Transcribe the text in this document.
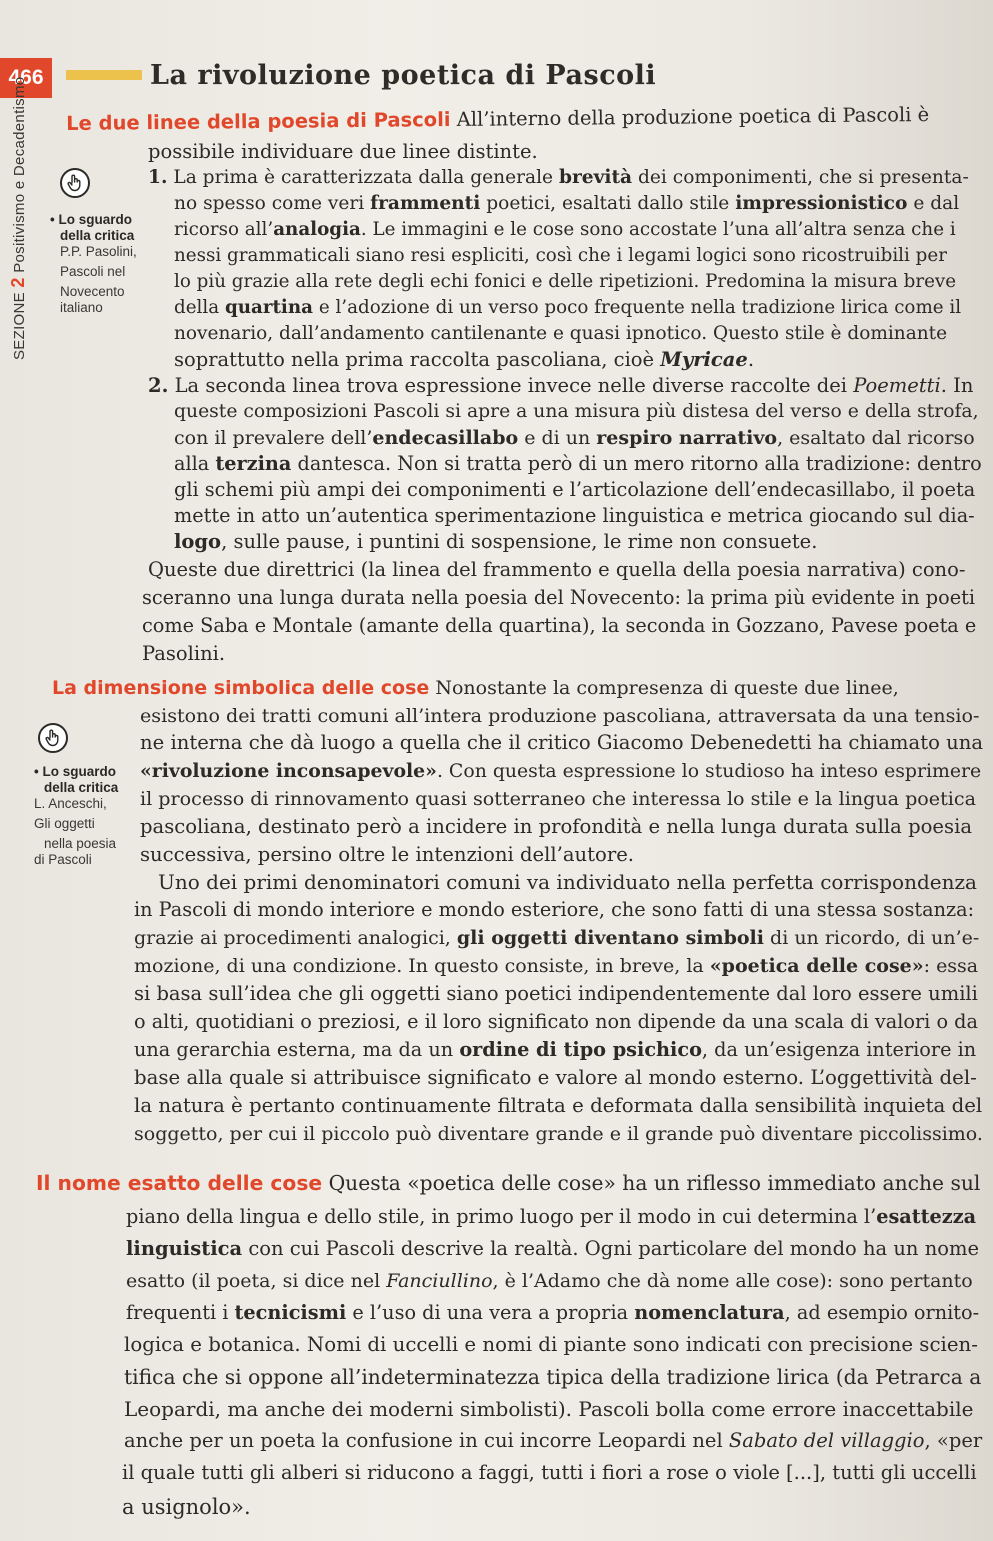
466	La rivoluzione poetica di Pascoli
SEZIONE 2 Positivismo e Decadentismo • Lo sguardo
della critica
P.P. Pasolini,
Pascoli nel
Novecento
italiano
• Lo sguardo
della critica
L. Anceschi,
Gli oggetti
nella poesia
di Pascoli
Le due linee della poesia di Pascoli All’interno della produzione poetica di Pascoli è
possibile individuare due linee distinte.
1. La prima è caratterizzata dalla generale brevità dei componimenti, che si presenta-
no spesso come veri frammenti poetici, esaltati dallo stile impressionistico e dal
ricorso all’analogia. Le immagini e le cose sono accostate l’una all’altra senza che i
nessi grammaticali siano resi espliciti, così che i legami logici sono ricostruibili per
lo più grazie alla rete degli echi fonici e delle ripetizioni. Predomina la misura breve
della quartina e l’adozione di un verso poco frequente nella tradizione lirica come il
novenario, dall’andamento cantilenante e quasi ipnotico. Questo stile è dominante
soprattutto nella prima raccolta pascoliana, cioè Myricae.
2. La seconda linea trova espressione invece nelle diverse raccolte dei Poemetti. In
queste composizioni Pascoli si apre a una misura più distesa del verso e della strofa,
con il prevalere dell’endecasillabo e di un respiro narrativo, esaltato dal ricorso
alla terzina dantesca. Non si tratta però di un mero ritorno alla tradizione: dentro
gli schemi più ampi dei componimenti e l’articolazione dell’endecasillabo, il poeta
mette in atto un’autentica sperimentazione linguistica e metrica giocando sul dia-
logo, sulle pause, i puntini di sospensione, le rime non consuete.
Queste due direttrici (la linea del frammento e quella della poesia narrativa) cono-
sceranno una lunga durata nella poesia del Novecento: la prima più evidente in poeti
come Saba e Montale (amante della quartina), la seconda in Gozzano, Pavese poeta e
Pasolini.
La dimensione simbolica delle cose Nonostante la compresenza di queste due linee,
esistono dei tratti comuni all’intera produzione pascoliana, attraversata da una tensio-
ne interna che dà luogo a quella che il critico Giacomo Debenedetti ha chiamato una
«rivoluzione inconsapevole». Con questa espressione lo studioso ha inteso esprimere
il processo di rinnovamento quasi sotterraneo che interessa lo stile e la lingua poetica
pascoliana, destinato però a incidere in profondità e nella lunga durata sulla poesia
successiva, persino oltre le intenzioni dell’autore.
Uno dei primi denominatori comuni va individuato nella perfetta corrispondenza
in Pascoli di mondo interiore e mondo esteriore, che sono fatti di una stessa sostanza:
grazie ai procedimenti analogici, gli oggetti diventano simboli di un ricordo, di un’e-
mozione, di una condizione. In questo consiste, in breve, la «poetica delle cose»: essa
si basa sull’idea che gli oggetti siano poetici indipendentemente dal loro essere umili
o alti, quotidiani o preziosi, e il loro significato non dipende da una scala di valori o da
una gerarchia esterna, ma da un ordine di tipo psichico, da un’esigenza interiore in
base alla quale si attribuisce significato e valore al mondo esterno. L’oggettività del-
la natura è pertanto continuamente filtrata e deformata dalla sensibilità inquieta del
soggetto, per cui il piccolo può diventare grande e il grande può diventare piccolissimo.
Il nome esatto delle cose Questa «poetica delle cose» ha un riflesso immediato anche sul
piano della lingua e dello stile, in primo luogo per il modo in cui determina l’esattezza
linguistica con cui Pascoli descrive la realtà. Ogni particolare del mondo ha un nome
esatto (il poeta, si dice nel Fanciullino, è l’Adamo che dà nome alle cose): sono pertanto
frequenti i tecnicismi e l’uso di una vera a propria nomenclatura, ad esempio ornito-
logica e botanica. Nomi di uccelli e nomi di piante sono indicati con precisione scien-
tifica che si oppone all’indeterminatezza tipica della tradizione lirica (da Petrarca a
Leopardi, ma anche dei moderni simbolisti). Pascoli bolla come errore inaccettabile
anche per un poeta la confusione in cui incorre Leopardi nel Sabato del villaggio, «per
il quale tutti gli alberi si riducono a faggi, tutti i fiori a rose o viole [...], tutti gli uccelli
a usignolo».
